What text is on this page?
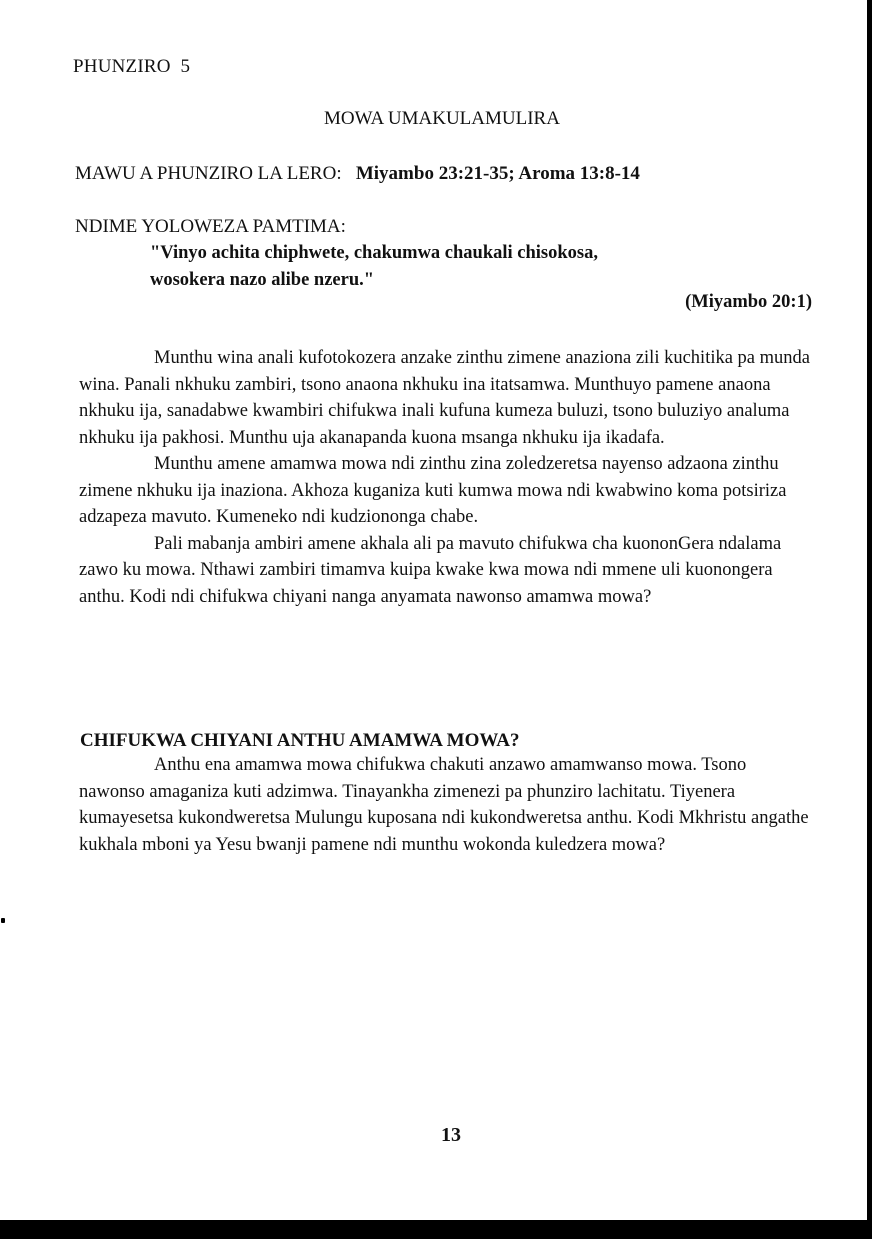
PHUNZIRO  5
MOWA UMAKULAMULIRA
MAWU A PHUNZIRO LA LERO: Miyambo 23:21-35; Aroma 13:8-14
NDIME YOLOWEZA PAMTIMA:
"Vinyo achita chiphwete, chakumwa chaukali chisokosa,
wosokera nazo alibe nzeru."
(Miyambo 20:1)

Munthu wina anali kufotokozera anzake zinthu zimene anaziona zili kuchitika pa munda wina. Panali nkhuku zambiri, tsono anaona nkhuku ina itatsamwa. Munthuyo pamene anaona nkhuku ija, sanadabwe kwambiri chifukwa inali kufuna kumeza buluzi, tsono buluziyo analuma nkhuku ija pakhosi. Munthu uja akanapanda kuona msanga nkhuku ija ikadafa.

Munthu amene amamwa mowa ndi zinthu zina zoledzeretsa nayenso adzaona zinthu zimene nkhuku ija inaziona. Akhoza kuganiza kuti kumwa mowa ndi kwabwino koma potsiriza adzapeza mavuto. Kumeneko ndi kudziononga chabe.

Pali mabanja ambiri amene akhala ali pa mavuto chifukwa cha kuononGera ndalama zawo ku mowa. Nthawi zambiri timamva kuipa kwake kwa mowa ndi mmene uli kuonongera anthu. Kodi ndi chifukwa chiyani nanga anyamata nawonso amamwa mowa?

CHIFUKWA CHIYANI ANTHU AMAMWA MOWA?

Anthu ena amamwa mowa chifukwa chakuti anzawo amamwanso mowa. Tsono nawonso amaganiza kuti adzimwa. Tinayankha zimenezi pa phunziro lachitatu. Tiyenera kumayesetsa kukondweretsa Mulungu kuposana ndi kukondweretsa anthu. Kodi Mkhristu angathe kukhala mboni ya Yesu bwanji pamene ndi munthu wokonda kuledzera mowa?

13
